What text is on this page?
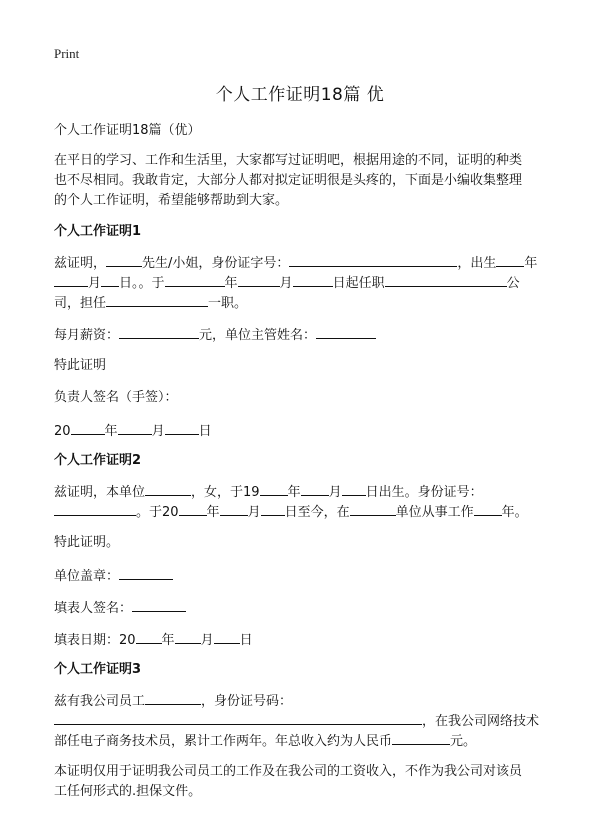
Print
个人工作证明18篇 优
个人工作证明18篇（优）
在平日的学习、工作和生活里，大家都写过证明吧，根据用途的不同，证明的种类
也不尽相同。我敢肯定，大部分人都对拟定证明很是头疼的，下面是小编收集整理
的个人工作证明，希望能够帮助到大家。
个人工作证明1
兹证明，	先生/小姐，身份证字号：	，出生 年
月 日。。于	年	月	日起任职	公
司，担任	一职。
每月薪资：	元，单位主管姓名：
特此证明
负责人签名（手签）：
20	年	月	日
个人工作证明2
兹证明，本单位	，女，于19 年 月 日出生。身份证号：
。于20 年 月 日至今，在	单位从事工作 年。
特此证明。
单位盖章：
填表人签名：
填表日期：20 年 月 日
个人工作证明3
兹有我公司员工	，身份证号码：
，在我公司网络技术
部任电子商务技术员，累计工作两年。年总收入约为人民币	元。
本证明仅用于证明我公司员工的工作及在我公司的工资收入，不作为我公司对该员
工任何形式的.担保文件。
